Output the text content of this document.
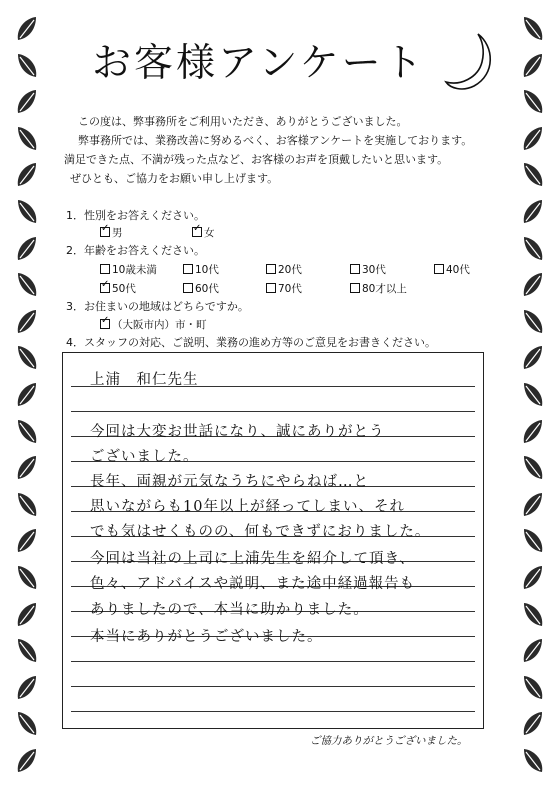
お客様アンケート

この度は、弊事務所をご利用いただき、ありがとうございました。

弊事務所では、業務改善に努めるべく、お客様アンケートを実施しております。

満足できた点、不満が残った点など、お客様のお声を頂戴したいと思います。

ぜひとも、ご協力をお願い申し上げます。

1．性別をお答えください。
✓男
✓	女
2．年齢をお答えください。
10歳未満	10代	20代	30代	40代
✓50代	60代	70代	80才以上
3．お住まいの地域はどちらですか。
✓（大阪市内）市・町
4．スタッフの対応、ご説明、業務の進め方等のご意見をお書きください。
上浦　和仁先生
今回は大変お世話になり、誠にありがとう
ございました。
長年、両親が元気なうちにやらねば…と
思いながらも10年以上が経ってしまい、それ
でも気はせくものの、何もできずにおりました。
今回は当社の上司に上浦先生を紹介して頂き、
色々、アドバイスや説明、また途中経過報告も
ありましたので、本当に助かりました。
本当にありがとうございました。
ご協力ありがとうございました。
